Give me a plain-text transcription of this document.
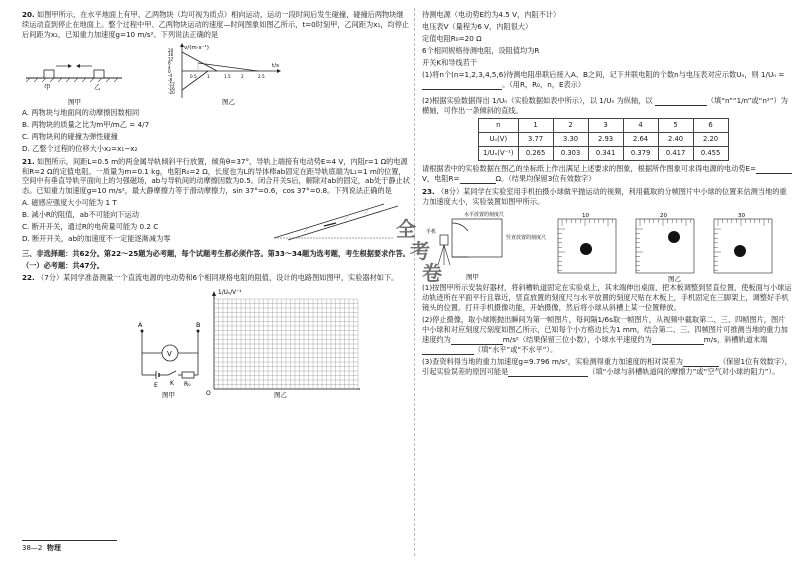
20. 如图甲所示，在水平地面上有甲、乙两物块（均可视为质点）相向运动，运动一段时间后发生碰撞，碰撞后两物块继续运动直到停止在地面上。整个过程中甲、乙两物块运动的速度—时间图象如图乙所示，t=0时刻甲，乙间距为x₁，均停止后间距为x₂，已知重力加速度g=10 m/s²。下列说法正确的是

甲	乙
图甲
v/(m·s⁻¹)
t/s
20
16
12
8
4
0
-4
-8
-12
-16
-20
0.5 1	1.5 2	2.5
图乙

A. 两物块与地面间的动摩擦因数相同

B. 两物块的质量之比为m甲/m乙 = 4/7

C. 两物块间的碰撞为弹性碰撞

D. 乙整个过程的位移大小x₂=x₁−x₂

21. 如图所示，间距L=0.5 m的两金属导轨倾斜平行放置，倾角θ=37°，导轨上端接有电动势E=4 V，内阻r=1 Ω的电源和R=2 Ω的定值电阻。一质量为m=0.1 kg，电阻R₀=2 Ω，长度也为L的导体棒ab固定在距导轨底端为L₁=1 m的位置，空间中有垂直导轨平面向上的匀强磁场，ab与导轨间的动摩擦因数为0.5。闭合开关S后，解除对ab的固定，ab处于静止状态。已知重力加速度g=10 m/s²，最大静摩擦力等于滑动摩擦力，sin 37°=0.6，cos 37°=0.8。下列说法正确的是

A. 磁感应强度大小可能为 1 T

B. 减小R的阻值，ab不可能向下运动

C. 断开开关，通过R的电荷量可能为 0.2 C

D. 断开开关，ab的加速度不一定能逐渐减为零

三、非选择题：共62分。第22～25题为必考题，每个试题考生都必须作答。第33～34题为选考题，考生根据要求作答。

（一）必考题：共47分。

22. （7分）某同学准备测量一个直流电源的电动势和6个相同规格电阻的阻值，设计的电路图如图甲，实验器材如下。

V
A	B
E K R₀
图甲
1/Uₙ/V⁻¹
O	图乙

待测电源（电动势E约为4.5 V，内阻不计）

电压表V（量程为6 V，内阻很大）

定值电阻R₀=20 Ω

6个相同规格待测电阻，设阻值均为R

开关K和导线若干

(1)将n个(n=1,2,3,4,5,6)待测电阻串联后接入A、B之间，记下并联电阻的个数n与电压表对应示数Uₙ，则 1/Uₙ = 。（用R，R₀，n，E表示）

(2)根据实验数据得出 1/Uₙ（实验数据如表中所示），以 1/Uₙ 为纵轴，以	（填“n”“1/n”或“n²”）为横轴，可作出一条倾斜的直线。

n	1	2	3	4	5	6
Uₙ(V)	3.77	3.30	2.93	2.64	2.40	2.20
1/Uₙ(V⁻¹)	0.265	0.303	0.341	0.379	0.417	0.455

请根据表中的实验数据在图乙的坐标纸上作出满足上述要求的图象，根据所作图象可求得电源的电动势E=V，电阻R=	Ω。（结果均保留3位有效数字）

23. （8分）某同学在实验室用手机拍摄小球做平抛运动的视频，利用截取的分帧图片中小球的位置来估测当地的重力加速度大小，实验装置如图甲所示。

水平放置的刻度尺
竖直放置的刻度尺
手机
图甲
10	20	30
图乙

(1)按图甲所示安装好器材，将斜槽轨道固定在实验桌上，其末端伸出桌面，把木板调整到竖直位置，使板面与小球运动轨迹所在平面平行且靠近，竖直放置的刻度尺与水平放置的刻度尺贴在木板上，手机固定在三脚架上，调整好手机镜头的位置。打开手机摄像功能，开始摄像，然后将小球从斜槽上某一位置释放。

(2)停止摄像，取小球刚抛出瞬间为第一帧图片，每间隔1/6s取一帧图片，从视频中截取第二、三、四帧图片，图片中小球和对应刻度尺刻度如图乙所示，已知每个小方格边长为1 mm，结合第二、三、四帧图片可推测当地的重力加速度约为	m/s²（结果保留三位小数），小球水平速度约为	m/s，斜槽轨道末端（填“水平”或“不水平”）。

(3)查资料得当地的重力加速度g=9.796 m/s²，实验测得重力加速度的相对误差为	（保留1位有效数字），引起实验误差的原因可能是	（填“小球与斜槽轨道间的摩擦力”或“空气对小球的阻力”）。

全
考
卷
38—2 物理
